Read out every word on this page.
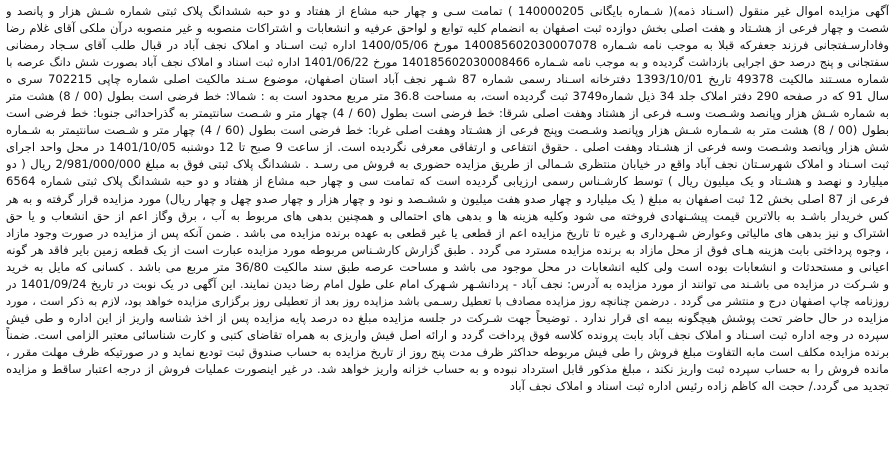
آگهی مزایده اموال غیر منقول (اسـناد ذمه)( شـماره بایگانی 140000205 ) تمامت سـی و چهار حبه مشاع از هفتاد و دو حبه ششدانگ پلاک ثبتی شماره شـش هزار و پانصد و
شصت و چهار فرعی از هشـتاد و هفت اصلی بخش دوازده ثبت اصفهان به انضمام کلیه توابع و لواحق عرفیه و انشعابات و اشتراکات منصوبه و غیر منصوبه درآن ملکی آقای غلام رضا
وفادارسـفتجانی فرزند جعفرکه قبلا به موجب نامه شـماره 140085602030007078 مورخ 1400/05/06 اداره ثبت اسـناد و املاک نجف آباد در قبال طلب آقای سـجاد رمضانی
سفتجانی و پنج درصد حق اجرایی بازداشت گردیده و به موجب نامه شـماره 140185602030008466 مورخ 1401/06/22 اداره ثبت اسناد و املاک نجف آباد بصورت شش دانگ عرصه با
شماره مسـتند مالکیت 49378 تاریخ 1393/10/01 دفترخانه اسـناد رسمی شماره 87 شـهر نجف آباد استان اصفهان، موضوع سـند مالکیت اصلی شماره چاپی 702215 سری ه
سال 91 که در صفحه 290 دفتر املاک جلد 34 ذیل شماره3749 ثبت گردیده است، به مساحت 36.8 متر مربع محدود است به : شمالا: خط فرضی است بطول (00 / 8) هشت متر
به شماره شـش هزار وپانصد وشـصت وسـه فرعی از هشتاد وهفت اصلی شرقا: خط فرضی است بطول (60 / 4) چهار متر و شـصت سانتیمتر به گذراحداثی جنوبا: خط فرضی است
بطول (00 / 8) هشت متر به شـماره شـش هزار وپانصد وشـصت وپنج فرعی از هشـتاد وهفت اصلی غربا: خط فرضی است بطول (60 / 4) چهار متر و شـصت سانتیمتر به شـماره
شش هزار وپانصد وشـصت وسه فرعی از هشـتاد وهفت اصلی . حقوق انتفاعی و ارتفاقی معرفی نگردیده است. از ساعت 9 صبح تا 12 دوشنبه 1401/10/05 در محل واحد اجرای
ثبت اسـناد و املاک شهرسـتان نجف آباد واقع در خیابان منتظری شـمالی از طریق مزایده حضوری به فروش می رسـد . ششدانگ پلاک ثبتی فوق به مبلغ 2/981/000/000 ریال ( دو
میلیارد و نهصد و هشـتاد و یک میلیون ریال ) توسط کارشـناس رسمی ارزیابی گردیده است که تمامت سی و چهار حبه مشاع از هفتاد و دو حبه ششدانگ پلاک ثبتی شماره 6564
فرعی از 87 اصلی بخش 12 ثبت اصفهان به مبلغ ( یک میلیارد و چهار صدو هفت میلیون و ششـصد و نود و چهار هزار و چهار صدو چهل و چهار ریال) مورد مزایده قرار گرفته و به هر
کس خریدار باشـد به بالاترین قیمت پیشـنهادی فروخته می شود وکلیه هزینه ها و بدهی های احتمالی و همچنین بدهی های مربوط به آب ، برق وگاز اعم از حق انشعاب و یا حق
اشتراک و نیز بدهی های مالیاتی وعوارض شـهرداری و غیره تا تاریخ مزایده اعم از قطعی یا غیر قطعی به عهده برنده مزایده می باشد . ضمن آنکه پس از مزایده در صورت وجود مازاد
، وجوه پرداختی بابت هزینه هـای فوق از محل مازاد به برنده مزایده مسترد می گردد . طبق گزارش کارشـناس مربوطه مورد مزایده عبارت است از یک قطعه زمین بایر فاقد هر گونه
اعیانی و مستحدثات و انشعابات بوده است ولی کلیه انشعابات در محل موجود می باشد و مساحت عرصه طبق سند مالکیت 36/80 متر مربع می باشد . کسانی که مایل به خرید
و شـرکت در مزایده می باشـند می توانند از مورد مزایده به آدرس: نجف آباد - پردانشـهر شـهرک امام علی طول امام رضا دیدن نمایند. این آگهی در یک نوبت در تاریخ 1401/09/24 در
روزنامه چاپ اصفهان درج و منتشر می گردد . درضمن چنانچه روز مزایده مصادف با تعطیل رسـمی باشد مزایده روز بعد از تعطیلی روز برگزاری مزایده خواهد بود، لازم به ذکر است ، مورد
مزایده در حال حاضر تحت پوشش هیچگونه بیمه ای قرار ندارد . توضیحاً جهت شـرکت در جلسه مزایده مبلغ ده درصد پایه مزایده پس از اخذ شناسه واریز از این اداره و طی فیش
سپرده در وجه اداره ثبت اسـناد و املاک نجف آباد بابت پرونده کلاسه فوق پرداخت گردد و ارائه اصل فیش واریزی به همراه تقاضای کتبی و کارت شناسائی معتبر الزامی است. ضمناً
برنده مزایده مکلف است مابه التفاوت مبلغ فروش را طی فیش مربوطه حداکثر ظرف مدت پنج روز از تاریخ مزایده به حساب صندوق ثبت تودیع نماید و در صورتیکه ظرف مهلت مقرر ،
مانده فروش را به حساب سپرده ثبت واریز نکند ، مبلغ مذکور قابل استرداد نبوده و به حساب خزانه واریز خواهد شد. در غیر اینصورت عملیات فروش از درجه اعتبار ساقط و مزایده
تجدید می گردد./ حجت اله کاظم زاده رئیس اداره ثبت اسناد و املاک نجف آباد
